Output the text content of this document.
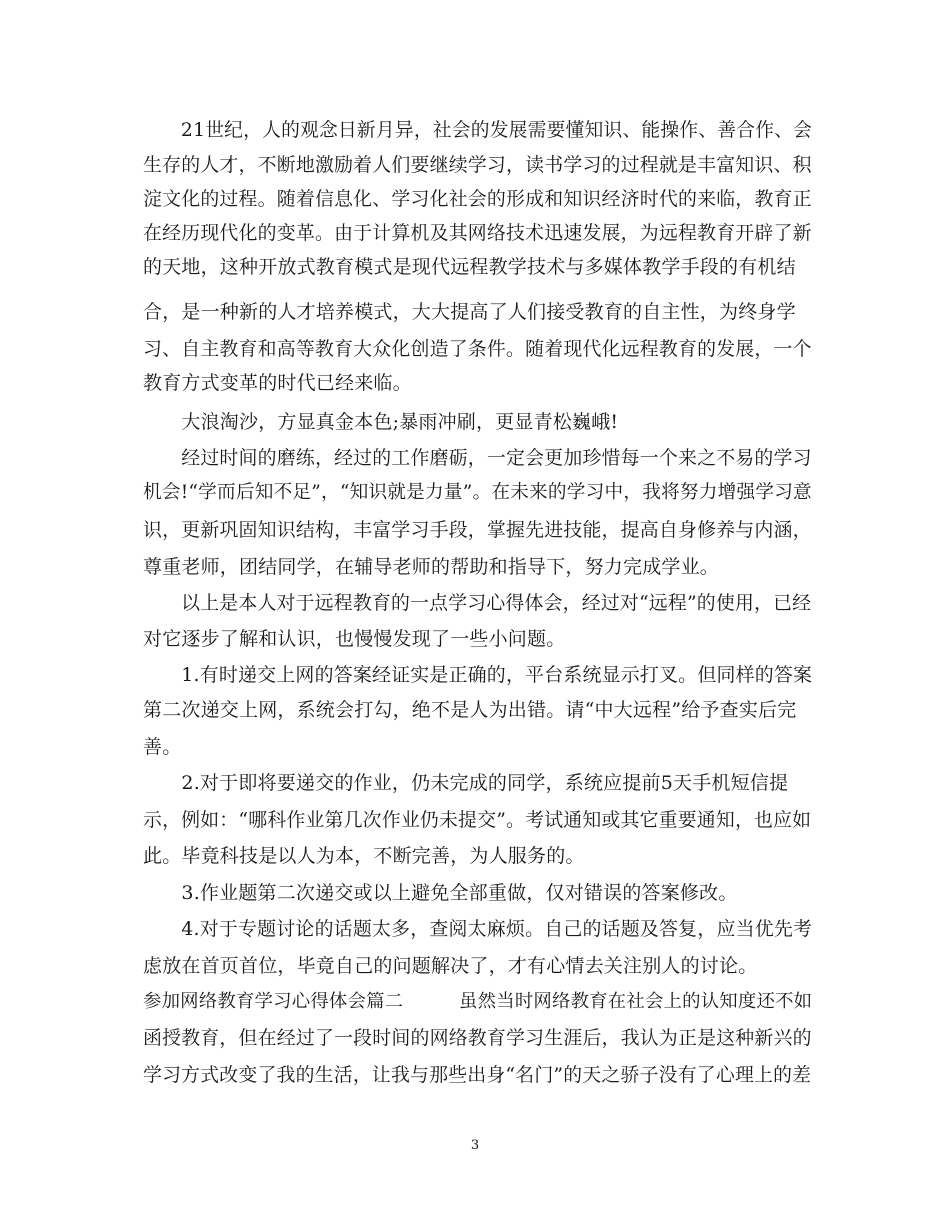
　　21世纪，人的观念日新月异，社会的发展需要懂知识、能操作、善合作、会
生存的人才，不断地激励着人们要继续学习，读书学习的过程就是丰富知识、积
淀文化的过程。随着信息化、学习化社会的形成和知识经济时代的来临，教育正
在经历现代化的变革。由于计算机及其网络技术迅速发展，为远程教育开辟了新
的天地，这种开放式教育模式是现代远程教学技术与多媒体教学手段的有机结
合，是一种新的人才培养模式，大大提高了人们接受教育的自主性，为终身学
习、自主教育和高等教育大众化创造了条件。随着现代化远程教育的发展，一个
教育方式变革的时代已经来临。
　　大浪淘沙，方显真金本色;暴雨冲刷，更显青松巍峨!
　　经过时间的磨练，经过的工作磨砺，一定会更加珍惜每一个来之不易的学习
机会!“学而后知不足”，“知识就是力量”。在未来的学习中，我将努力增强学习意
识，更新巩固知识结构，丰富学习手段，掌握先进技能，提高自身修养与内涵，
尊重老师，团结同学，在辅导老师的帮助和指导下，努力完成学业。
　　以上是本人对于远程教育的一点学习心得体会，经过对“远程”的使用，已经
对它逐步了解和认识，也慢慢发现了一些小问题。
　　1.有时递交上网的答案经证实是正确的，平台系统显示打叉。但同样的答案
第二次递交上网，系统会打勾，绝不是人为出错。请“中大远程”给予查实后完
善。
　　2.对于即将要递交的作业，仍未完成的同学，系统应提前5天手机短信提
示，例如：“哪科作业第几次作业仍未提交”。考试通知或其它重要通知，也应如
此。毕竟科技是以人为本，不断完善，为人服务的。
　　3.作业题第二次递交或以上避免全部重做，仅对错误的答案修改。
　　4.对于专题讨论的话题太多，查阅太麻烦。自己的话题及答复，应当优先考
虑放在首页首位，毕竟自己的问题解决了，才有心情去关注别人的讨论。
参加网络教育学习心得体会篇二　　　虽然当时网络教育在社会上的认知度还不如
函授教育，但在经过了一段时间的网络教育学习生涯后，我认为正是这种新兴的
学习方式改变了我的生活，让我与那些出身“名门”的天之骄子没有了心理上的差
3
